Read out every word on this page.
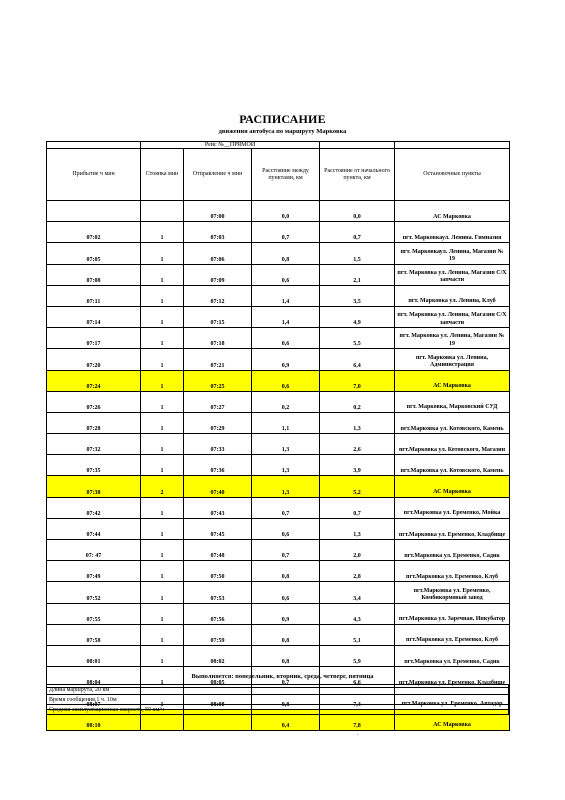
РАСПИСАНИЕ
движения автобуса по маршруту Марковка
	Рейс №__ПРЯМОЙ				
Прибытие ч мин	Стоянка мин	Отправление ч мин	Расстояние между пунктами, км	Расстояние от начального пункта, км	Остановочные пункты
		07:00	0,0	0,0	АС Марковка
07:02	1	07:03	0,7	0,7	пгт. Марковкаул. Ленина. Гимназия
07:05	1	07:06	0,8	1,5	пгт. Марковкаул. Ленина, Магазин № 19
07:08	1	07:09	0,6	2,1	пгт. Марковка ул. Ленина, Магазин С/Х запчасти
07:11	1	07:12	1,4	3,5	пгт. Марковка ул. Ленина, Клуб
07:14	1	07:15	1,4	4,9	пгт. Марковка ул. Ленина, Магазин С/Х запчасти
07:17	1	07:18	0,6	5,5	пгт. Марковка ул. Ленина, Магазин № 19
07:20	1	07:21	0,9	6,4	пгт. Марковка ул. Ленина, Администрация
07:24	1	07:25	0,6	7,0	АС Марковка
07:26	1	07:27	0,2	0,2	пгт. Марковка, Марковский СУД
07:28	1	07:29	1,1	1,3	пгт.Марковка ул. Котовского, Камень
07:32	1	07:33	1,3	2,6	пгт.Марковка ул. Котовского, Магазин
07:35	1	07:36	1,3	3,9	пгт.Марковка ул. Котовского, Камень
07:38	2	07:40	1,3	5,2	АС Марковка
07:42	1	07:43	0,7	0,7	пгт.Марковка ул. Еременко, Мойка
07:44	1	07:45	0,6	1,3	пгт.Марковка ул. Еременко, Кладбище
07: 47	1	07:48	0,7	2,0	пгт.Марковка ул. Еременко, Садик
07:49	1	07:50	0,8	2,8	пгт.Марковка ул. Еременко, Клуб
07:52	1	07:53	0,6	3,4	пгт.Марковка ул. Еременко, Комбикормовый завод
07:55	1	07:56	0,9	4,3	пгт.Марковка ул. Заречная, Инкубатор
07:58	1	07:59	0,8	5,1	пгт.Марковка ул. Еременко, Клуб
08:01	1	08:02	0,8	5,9	пгт.Марковка ул. Еременко, Садик
08:04	1	08:05	0,7	6,6	пгт.Марковка ул. Еременко, Кладбище
08:07	1	08:08	0,8	7,4	пгт.Марковка ул. Еременко, Автодор
08:10			0,4	7,8	АС Марковка
Выполняется: понедельник, вторник, среда, четверг, пятница
Длина маршрута, 20 км
Время сообщения,1 ч. 10м
Средняя эксплуатационная скорость, 50 км/ч
.
